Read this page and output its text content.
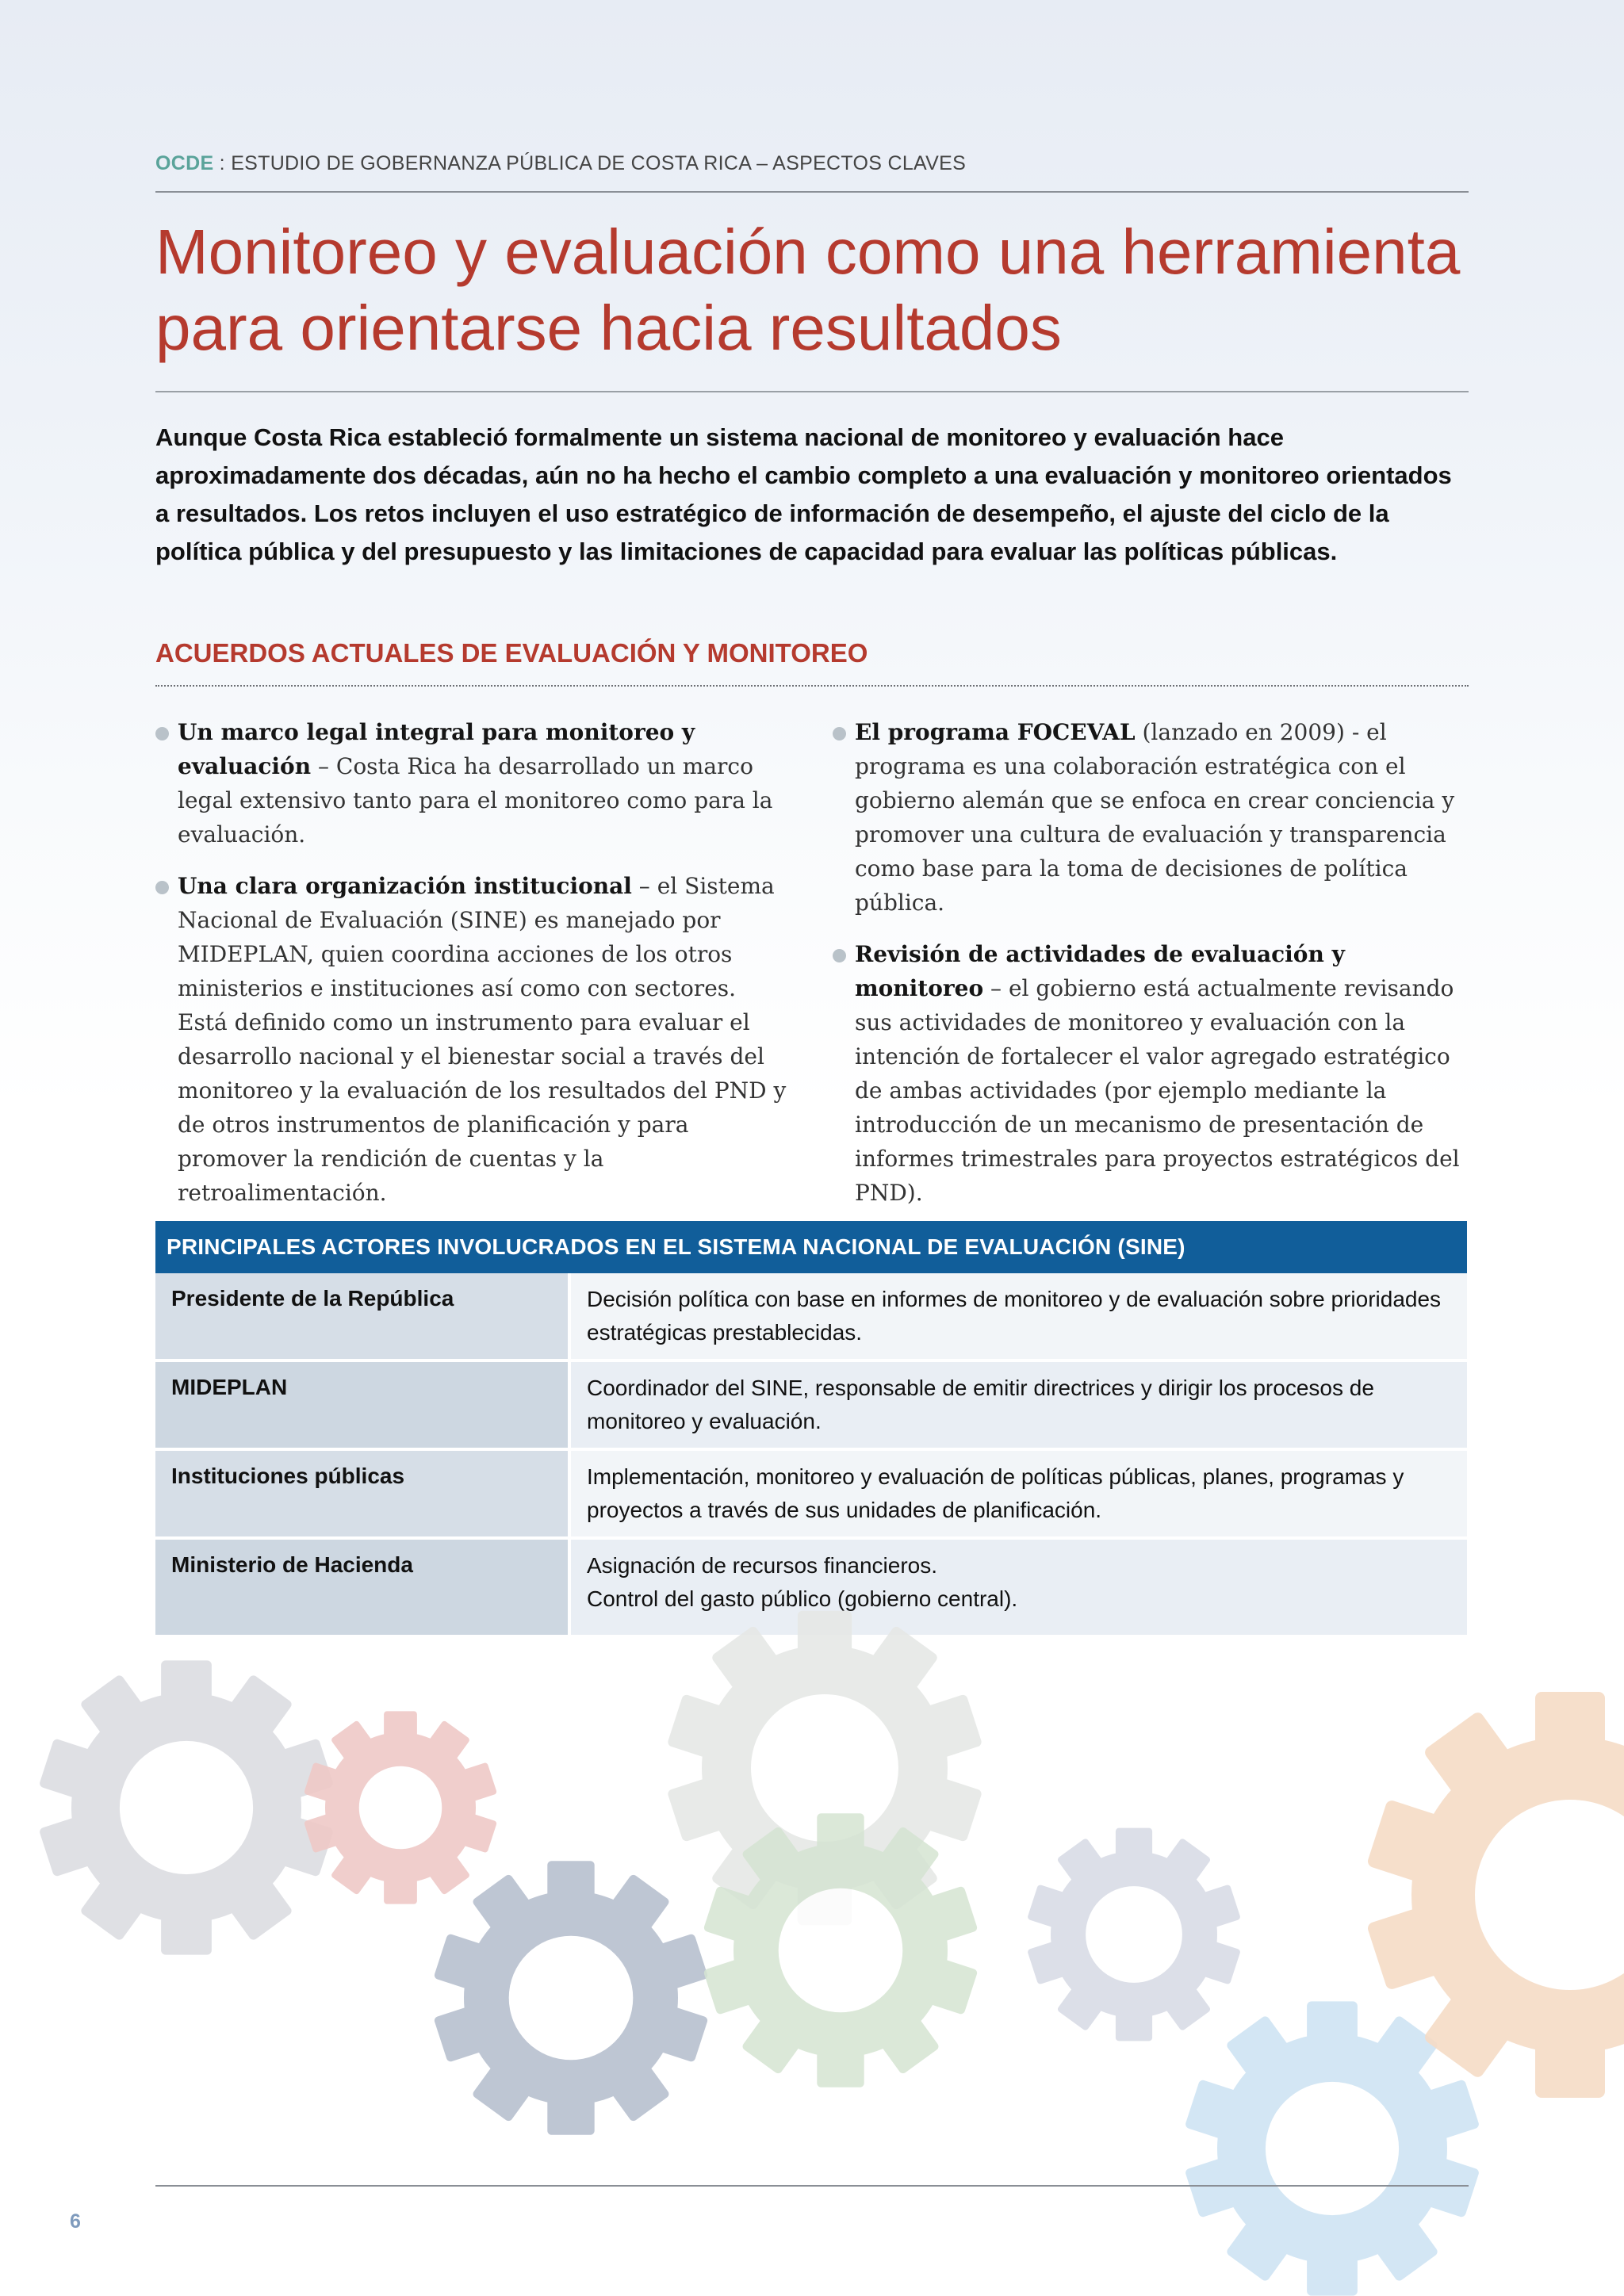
OCDE : ESTUDIO DE GOBERNANZA PÚBLICA DE COSTA RICA – ASPECTOS CLAVES
Monitoreo y evaluación como una herramienta
para orientarse hacia resultados

Aunque Costa Rica estableció formalmente un sistema nacional de monitoreo y evaluación hace aproximadamente dos décadas, aún no ha hecho el cambio completo a una evaluación y monitoreo orientados a resultados. Los retos incluyen el uso estratégico de información de desempeño, el ajuste del ciclo de la política pública y del presupuesto y las limitaciones de capacidad para evaluar las políticas públicas.

ACUERDOS ACTUALES DE EVALUACIÓN Y MONITOREO

Un marco legal integral para monitoreo y evaluación – Costa Rica ha desarrollado un marco legal extensivo tanto para el monitoreo como para la evaluación.

Una clara organización institucional – el Sistema Nacional de Evaluación (SINE) es manejado por MIDEPLAN, quien coordina acciones de los otros ministerios e instituciones así como con sectores. Está definido como un instrumento para evaluar el desarrollo nacional y el bienestar social a través del monitoreo y la evaluación de los resultados del PND y de otros instrumentos de planificación y para promover la rendición de cuentas y la retroalimentación.

El programa FOCEVAL (lanzado en 2009) - el programa es una colaboración estratégica con el gobierno alemán que se enfoca en crear conciencia y promover una cultura de evaluación y transparencia como base para la toma de decisiones de política pública.

Revisión de actividades de evaluación y monitoreo – el gobierno está actualmente revisando sus actividades de monitoreo y evaluación con la intención de fortalecer el valor agregado estratégico de ambas actividades (por ejemplo mediante la introducción de un mecanismo de presentación de informes trimestrales para proyectos estratégicos del PND).

PRINCIPALES ACTORES INVOLUCRADOS EN EL SISTEMA NACIONAL DE EVALUACIÓN (SINE)
Presidente de la República	Decisión política con base en informes de monitoreo y de evaluación sobre prioridades estratégicas prestablecidas.
MIDEPLAN	Coordinador del SINE, responsable de emitir directrices y dirigir los procesos de monitoreo y evaluación.
Instituciones públicas	Implementación, monitoreo y evaluación de políticas públicas, planes, programas y proyectos a través de sus unidades de planificación.
Ministerio de Hacienda	Asignación de recursos financieros.
Control del gasto público (gobierno central).
6
